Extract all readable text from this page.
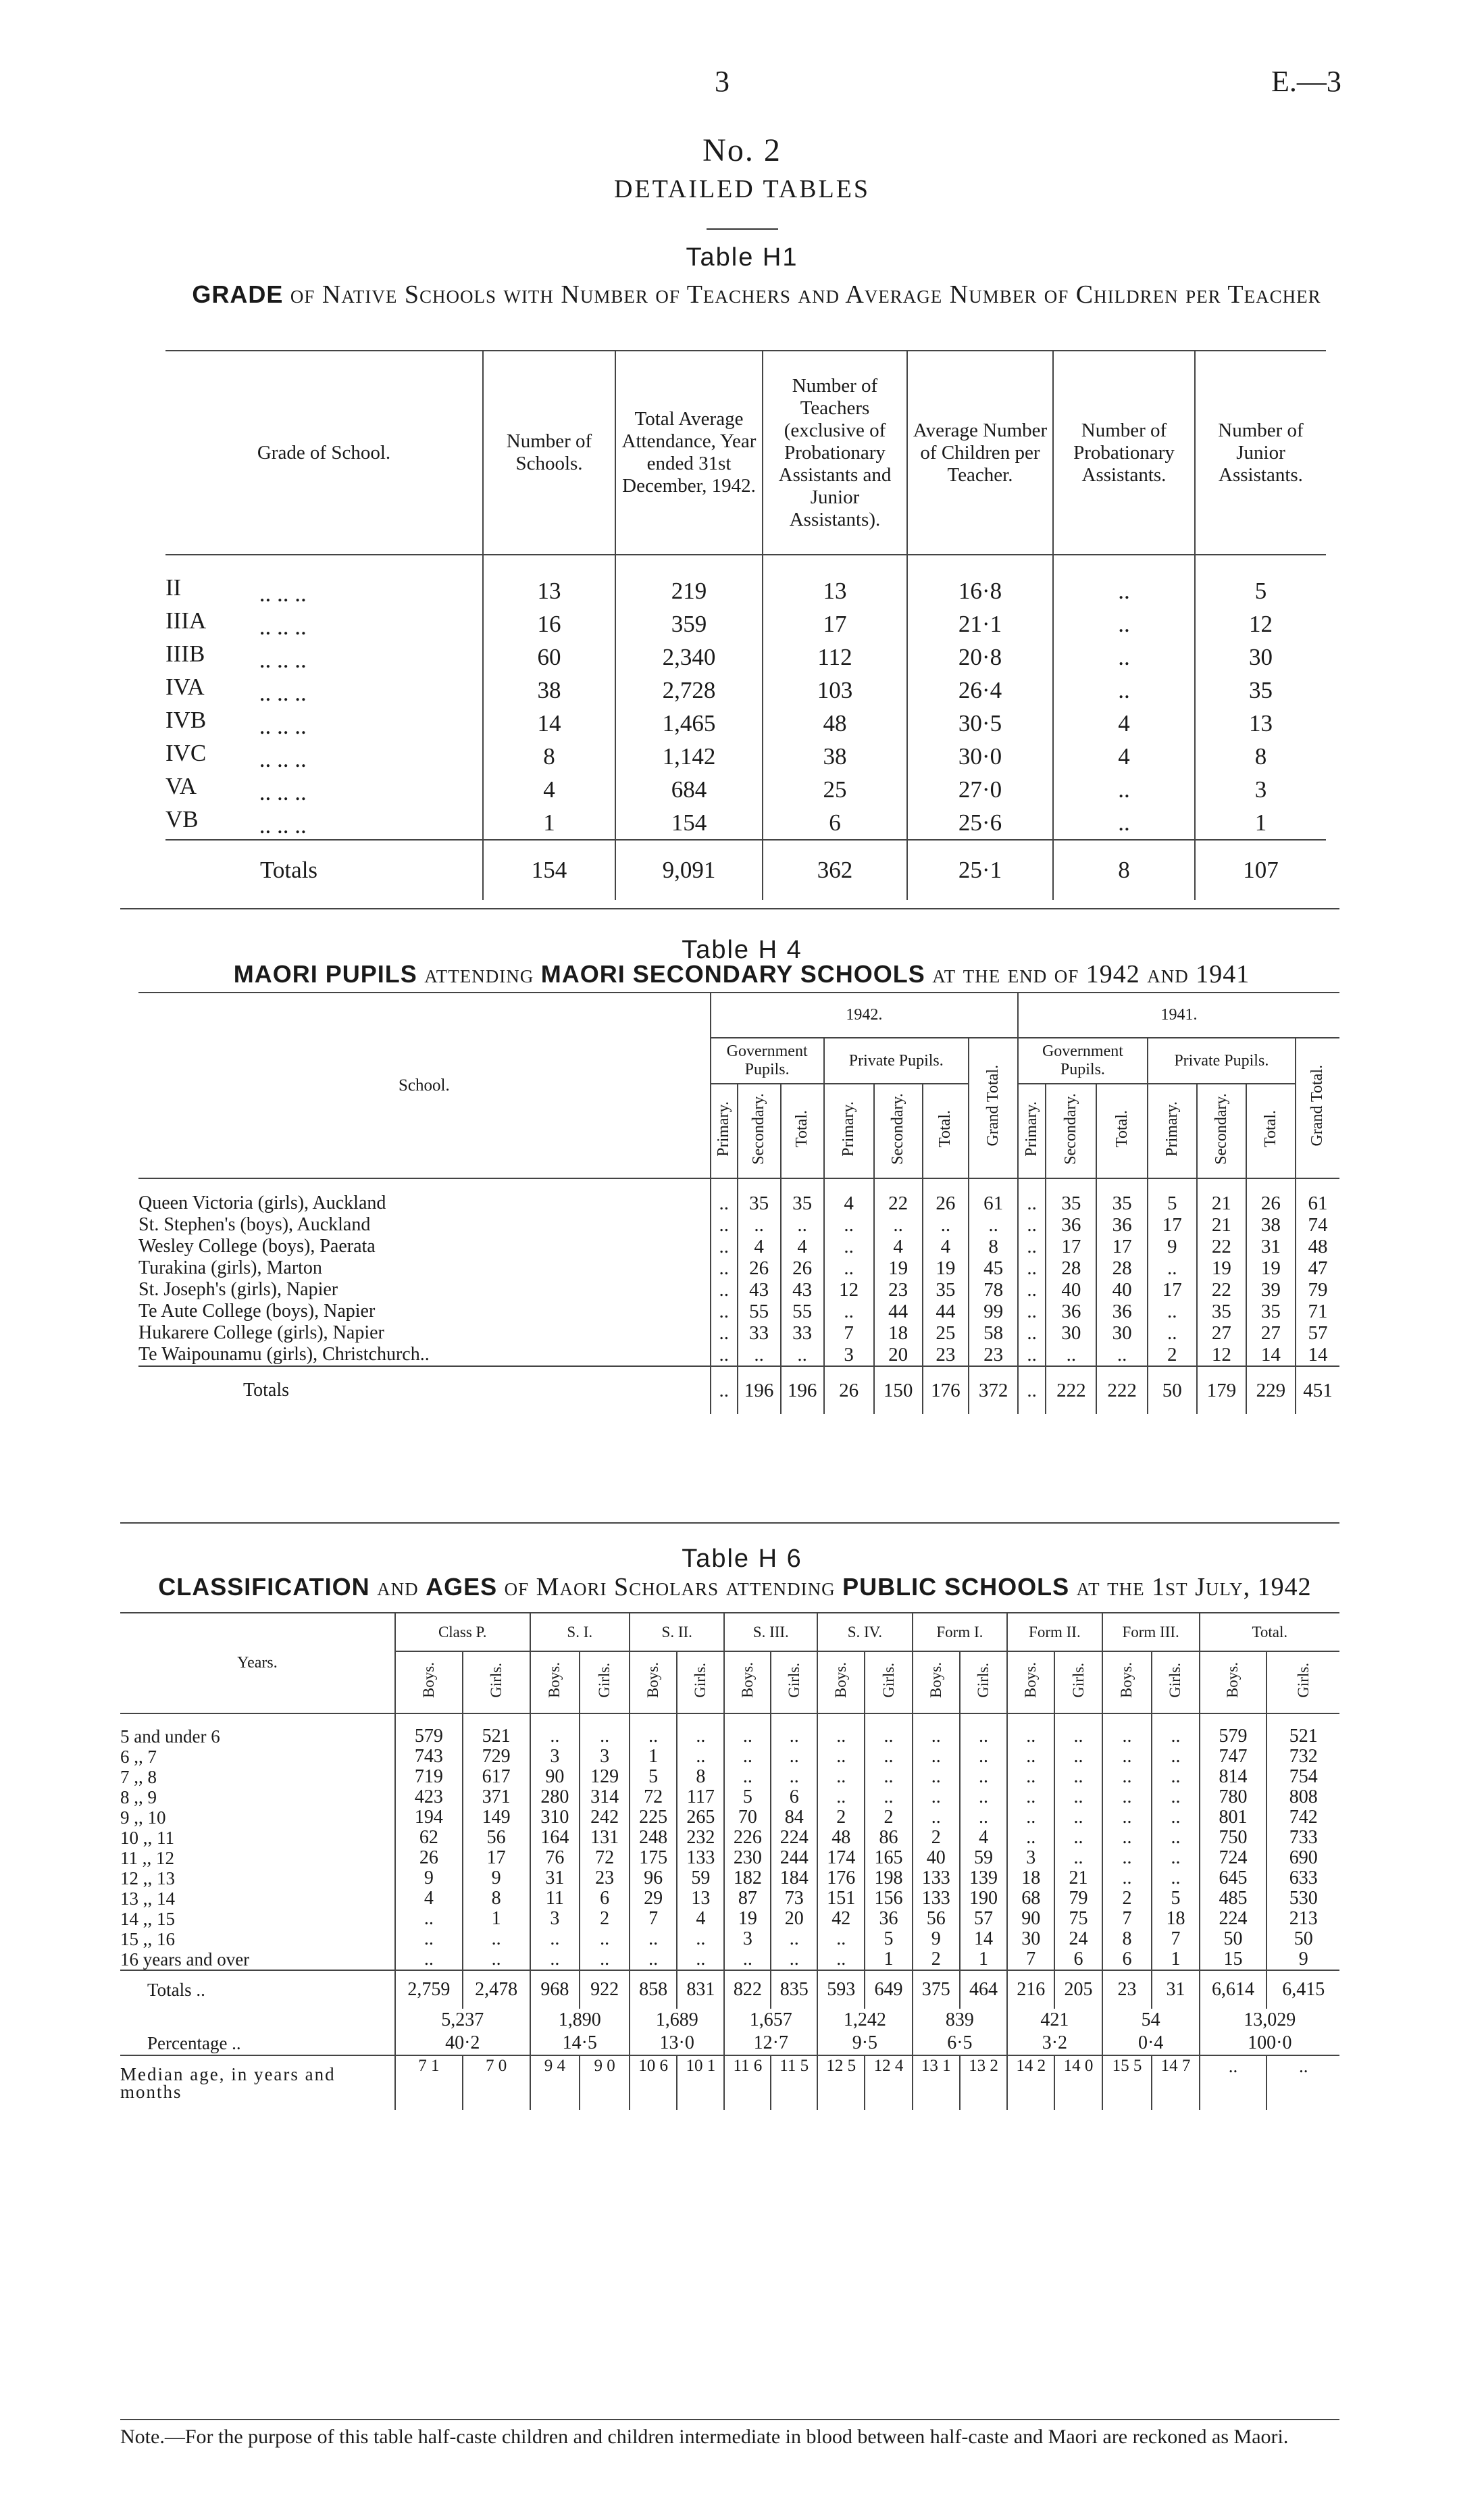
3	E.—3
No. 2
DETAILED TABLES
Table H1
GRADE of Native Schools with Number of Teachers and Average Number of Children per Teacher
Grade of School.	Number of Schools.	Total Average Attendance, Year ended 31st December, 1942.	Number of Teachers (exclusive of Probationary Assistants and Junior Assistants).	Average Number of Children per Teacher.	Number of Probationary Assistants.	Number of Junior Assistants.
II .. .. ..	13	219	13	16·8	..	5
IIIA .. .. ..	16	359	17	21·1	..	12
IIIB .. .. ..	60	2,340	112	20·8	..	30
IVA .. .. ..	38	2,728	103	26·4	..	35
IVB .. .. ..	14	1,465	48	30·5	4	13
IVC .. .. ..	8	1,142	38	30·0	4	8
VA .. .. ..	4	684	25	27·0	..	3
VB .. .. ..	1	154	6	25·6	..	1
Totals	154	9,091	362	25·1	8	107
Table H 4
MAORI PUPILS attending MAORI SECONDARY SCHOOLS at the end of 1942 and 1941
School.	1942.							1941.						
	Government Pupils.			Private Pupils.			Grand Total.	Government Pupils.			Private Pupils.			Grand Total.
	Primary.	Secondary.	Total.	Primary.	Secondary.	Total.		Primary.	Secondary.	Total.	Primary.	Secondary.	Total.	
Queen Victoria (girls), Auckland	..	35	35	4	22	26	61	..	35	35	5	21	26	61
St. Stephen's (boys), Auckland	..	..	..	..	..	..	..	..	36	36	17	21	38	74
Wesley College (boys), Paerata	..	4	4	..	4	4	8	..	17	17	9	22	31	48
Turakina (girls), Marton	..	26	26	..	19	19	45	..	28	28	..	19	19	47
St. Joseph's (girls), Napier	..	43	43	12	23	35	78	..	40	40	17	22	39	79
Te Aute College (boys), Napier	..	55	55	..	44	44	99	..	36	36	..	35	35	71
Hukarere College (girls), Napier	..	33	33	7	18	25	58	..	30	30	..	27	27	57
Te Waipounamu (girls), Christchurch..	..	..	..	3	20	23	23	..	..	..	2	12	14	14
Totals	..	196	196	26	150	176	372	..	222	222	50	179	229	451
Table H 6
CLASSIFICATION and AGES of Maori Scholars attending PUBLIC SCHOOLS at the 1st July, 1942
Years.	Class P.		S. I.		S. II.		S. III.		S. IV.		Form I.		Form II.		Form III.		Total.	
	Boys.	Girls.	Boys.	Girls.	Boys.	Girls.	Boys.	Girls.	Boys.	Girls.	Boys.	Girls.	Boys.	Girls.	Boys.	Girls.	Boys.	Girls.
5 and under 6	579	521	..	..	..	..	..	..	..	..	..	..	..	..	..	..	579	521
6 ,, 7	743	729	3	3	1	..	..	..	..	..	..	..	..	..	..	..	747	732
7 ,, 8	719	617	90	129	5	8	..	..	..	..	..	..	..	..	..	..	814	754
8 ,, 9	423	371	280	314	72	117	5	6	..	..	..	..	..	..	..	..	780	808
9 ,, 10	194	149	310	242	225	265	70	84	2	2	..	..	..	..	..	..	801	742
10 ,, 11	62	56	164	131	248	232	226	224	48	86	2	4	..	..	..	..	750	733
11 ,, 12	26	17	76	72	175	133	230	244	174	165	40	59	3	..	..	..	724	690
12 ,, 13	9	9	31	23	96	59	182	184	176	198	133	139	18	21	..	..	645	633
13 ,, 14	4	8	11	6	29	13	87	73	151	156	133	190	68	79	2	5	485	530
14 ,, 15	..	1	3	2	7	4	19	20	42	36	56	57	90	75	7	18	224	213
15 ,, 16	..	..	..	..	..	..	3	..	..	5	9	14	30	24	8	7	50	50
16 years and over	..	..	..	..	..	..	..	..	..	1	2	1	7	6	6	1	15	9
Totals ..	2,759	2,478	968	922	858	831	822	835	593	649	375	464	216	205	23	31	6,614	6,415
	5,237		1,890		1,689		1,657		1,242		839		421		54		13,029	
Percentage ..	40·2		14·5		13·0		12·7		9·5		6·5		3·2		0·4		100·0	
Median age, in years and months	7 1	7 0	9 4	9 0	10 6	10 1	11 6	11 5	12 5	12 4	13 1	13 2	14 2	14 0	15 5	14 7	..	..
Note.—For the purpose of this table half-caste children and children intermediate in blood between half-caste and Maori are reckoned as Maori.
